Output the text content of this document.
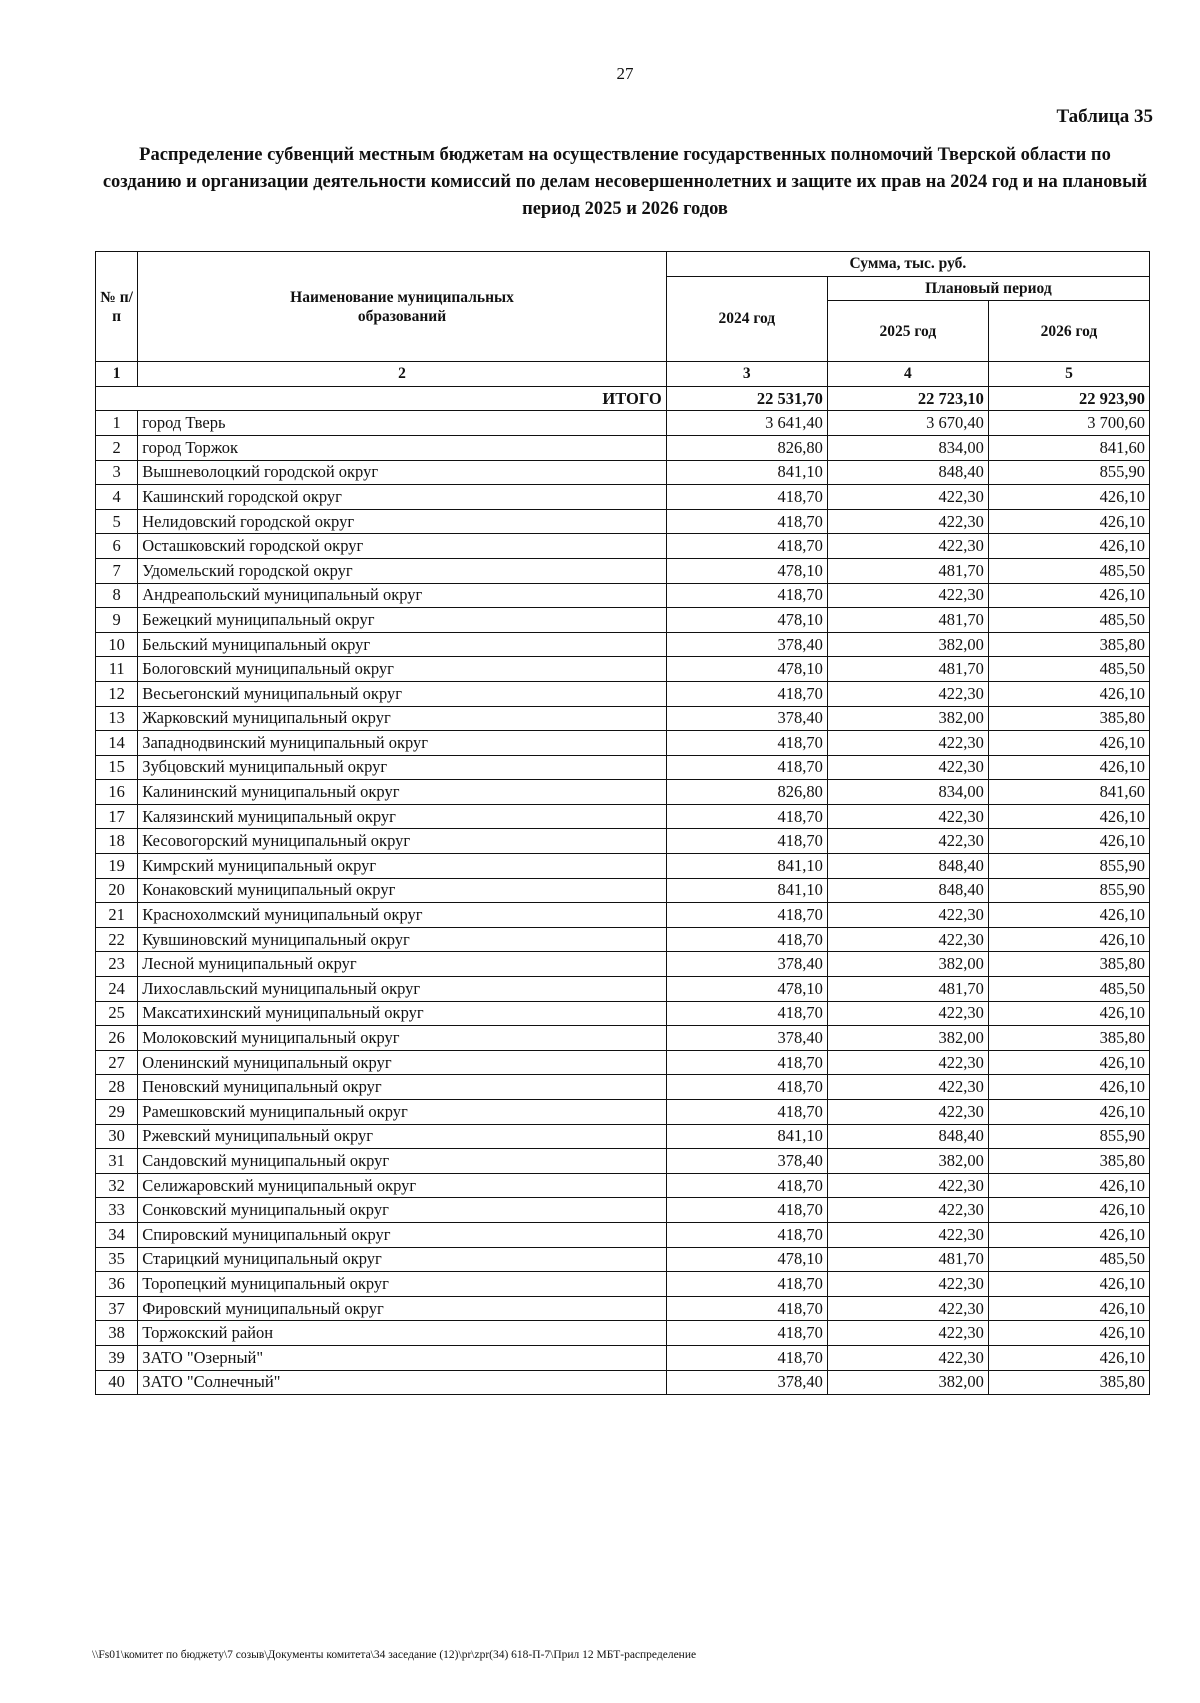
27
Таблица 35
Распределение субвенций местным бюджетам на осуществление государственных полномочий Тверской области по созданию и организации деятельности комиссий по делам несовершеннолетних и защите их прав на 2024 год и на плановый период 2025 и 2026 годов
№ п/п	Наименование муниципальных образований	Сумма, тыс. руб.		
		2024 год	Плановый период	
			2025 год	2026 год
1	2	3	4	5
ИТОГО		22 531,70	22 723,10	22 923,90
1	город Тверь	3 641,40	3 670,40	3 700,60
2	город Торжок	826,80	834,00	841,60
3	Вышневолоцкий городской округ	841,10	848,40	855,90
4	Кашинский городской округ	418,70	422,30	426,10
5	Нелидовский городской округ	418,70	422,30	426,10
6	Осташковский городской округ	418,70	422,30	426,10
7	Удомельский городской округ	478,10	481,70	485,50
8	Андреапольский муниципальный округ	418,70	422,30	426,10
9	Бежецкий муниципальный округ	478,10	481,70	485,50
10	Бельский муниципальный округ	378,40	382,00	385,80
11	Бологовский муниципальный округ	478,10	481,70	485,50
12	Весьегонский муниципальный округ	418,70	422,30	426,10
13	Жарковский муниципальный округ	378,40	382,00	385,80
14	Западнодвинский муниципальный округ	418,70	422,30	426,10
15	Зубцовский муниципальный округ	418,70	422,30	426,10
16	Калининский муниципальный округ	826,80	834,00	841,60
17	Калязинский муниципальный округ	418,70	422,30	426,10
18	Кесовогорский муниципальный округ	418,70	422,30	426,10
19	Кимрский муниципальный округ	841,10	848,40	855,90
20	Конаковский муниципальный округ	841,10	848,40	855,90
21	Краснохолмский муниципальный округ	418,70	422,30	426,10
22	Кувшиновский муниципальный округ	418,70	422,30	426,10
23	Лесной муниципальный округ	378,40	382,00	385,80
24	Лихославльский муниципальный округ	478,10	481,70	485,50
25	Максатихинский муниципальный округ	418,70	422,30	426,10
26	Молоковский муниципальный округ	378,40	382,00	385,80
27	Оленинский муниципальный округ	418,70	422,30	426,10
28	Пеновский муниципальный округ	418,70	422,30	426,10
29	Рамешковский муниципальный округ	418,70	422,30	426,10
30	Ржевский муниципальный округ	841,10	848,40	855,90
31	Сандовский муниципальный округ	378,40	382,00	385,80
32	Селижаровский муниципальный округ	418,70	422,30	426,10
33	Сонковский муниципальный округ	418,70	422,30	426,10
34	Спировский муниципальный округ	418,70	422,30	426,10
35	Старицкий муниципальный округ	478,10	481,70	485,50
36	Торопецкий муниципальный округ	418,70	422,30	426,10
37	Фировский муниципальный округ	418,70	422,30	426,10
38	Торжокский район	418,70	422,30	426,10
39	ЗАТО "Озерный"	418,70	422,30	426,10
40	ЗАТО "Солнечный"	378,40	382,00	385,80
\\Fs01\комитет по бюджету\7 созыв\Документы комитета\34 заседание (12)\pr\zpr(34) 618-П-7\Прил 12 МБТ-распределение
